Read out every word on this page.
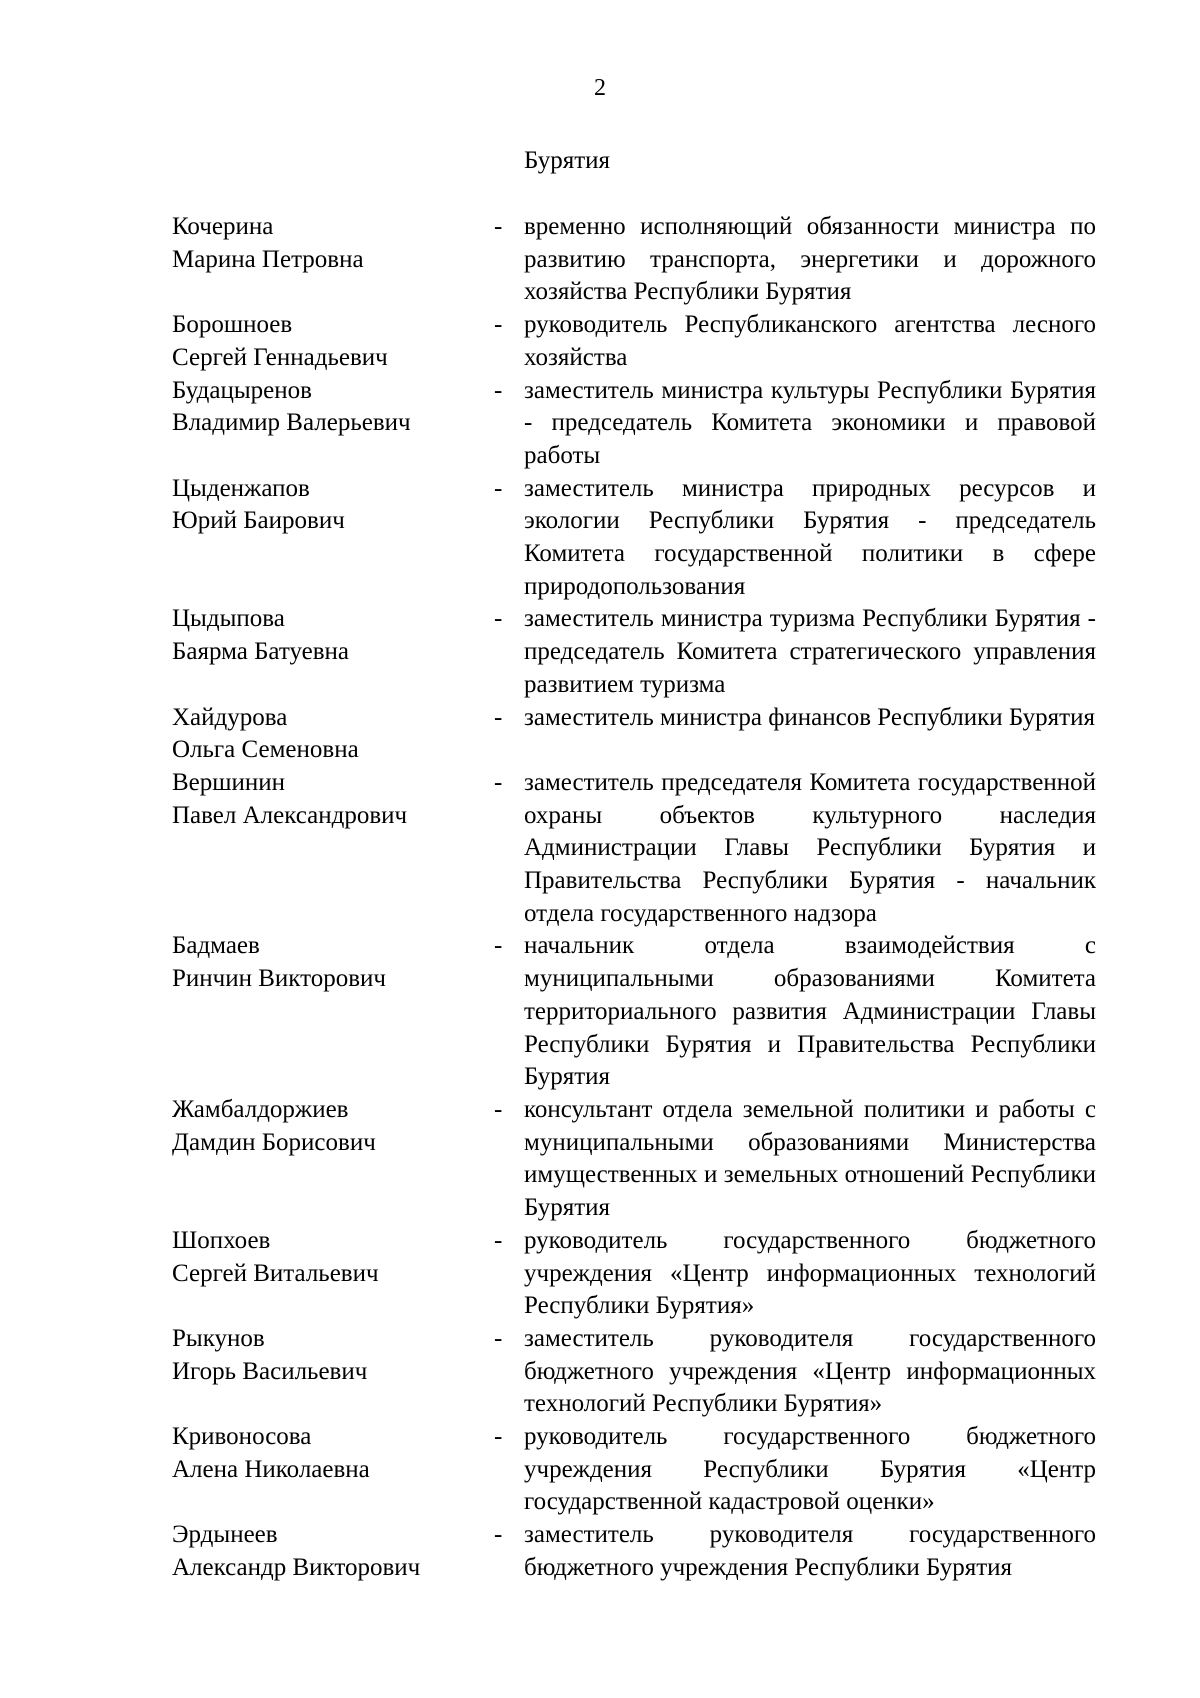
2
Бурятия
Кочерина
Марина Петровна
- временно исполняющий обязанности министра по развитию транспорта, энергетики и дорожного хозяйства Республики Бурятия
Борошноев
Сергей Геннадьевич
- руководитель Республиканского агентства лесного хозяйства
Будацыренов
Владимир Валерьевич
- заместитель министра культуры Республики Бурятия - председатель Комитета экономики и правовой работы
Цыденжапов
Юрий Баирович
- заместитель министра природных ресурсов и экологии Республики Бурятия - председатель Комитета государственной политики в сфере природопользования
Цыдыпова
Баярма Батуевна
- заместитель министра туризма Республики Бурятия - председатель Комитета стратегического управления развитием туризма
Хайдурова
Ольга Семеновна
- заместитель министра финансов Республики Бурятия
Вершинин
Павел Александрович
- заместитель председателя Комитета государственной охраны объектов культурного наследия Администрации Главы Республики Бурятия и Правительства Республики Бурятия - начальник отдела государственного надзора
Бадмаев
Ринчин Викторович
- начальник отдела взаимодействия с муниципальными образованиями Комитета территориального развития Администрации Главы Республики Бурятия и Правительства Республики Бурятия
Жамбалдоржиев
Дамдин Борисович
- консультант отдела земельной политики и работы с муниципальными образованиями Министерства имущественных и земельных отношений Республики Бурятия
Шопхоев
Сергей Витальевич
- руководитель государственного бюджетного учреждения «Центр информационных технологий Республики Бурятия»
Рыкунов
Игорь Васильевич
- заместитель руководителя государственного бюджетного учреждения «Центр информационных технологий Республики Бурятия»
Кривоносова
Алена Николаевна
- руководитель государственного бюджетного учреждения Республики Бурятия «Центр государственной кадастровой оценки»
Эрдынеев
Александр Викторович
- заместитель руководителя государственного бюджетного учреждения Республики Бурятия
